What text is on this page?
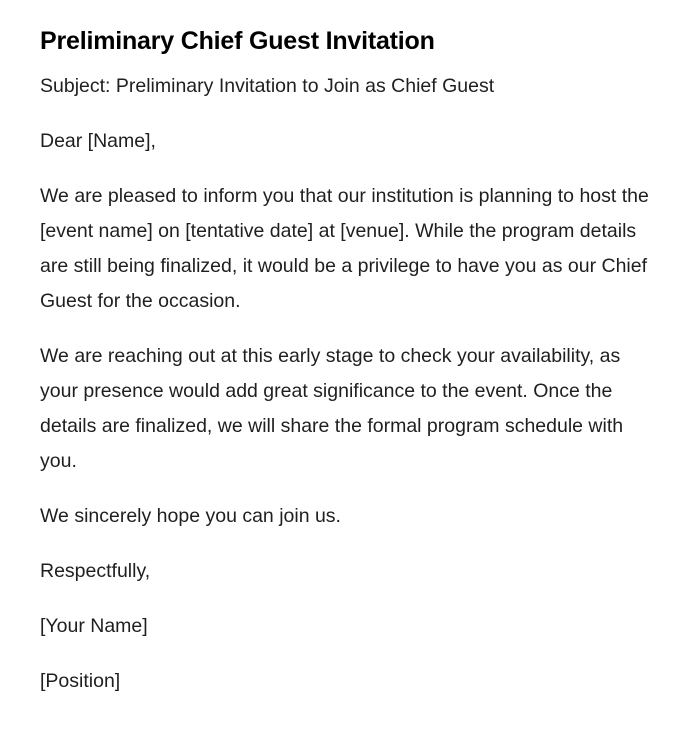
Preliminary Chief Guest Invitation

Subject: Preliminary Invitation to Join as Chief Guest

Dear [Name],

We are pleased to inform you that our institution is planning to host the [event name] on [tentative date] at [venue]. While the program details are still being finalized, it would be a privilege to have you as our Chief Guest for the occasion.

We are reaching out at this early stage to check your availability, as your presence would add great significance to the event. Once the details are finalized, we will share the formal program schedule with you.

We sincerely hope you can join us.

Respectfully,

[Your Name]

[Position]
